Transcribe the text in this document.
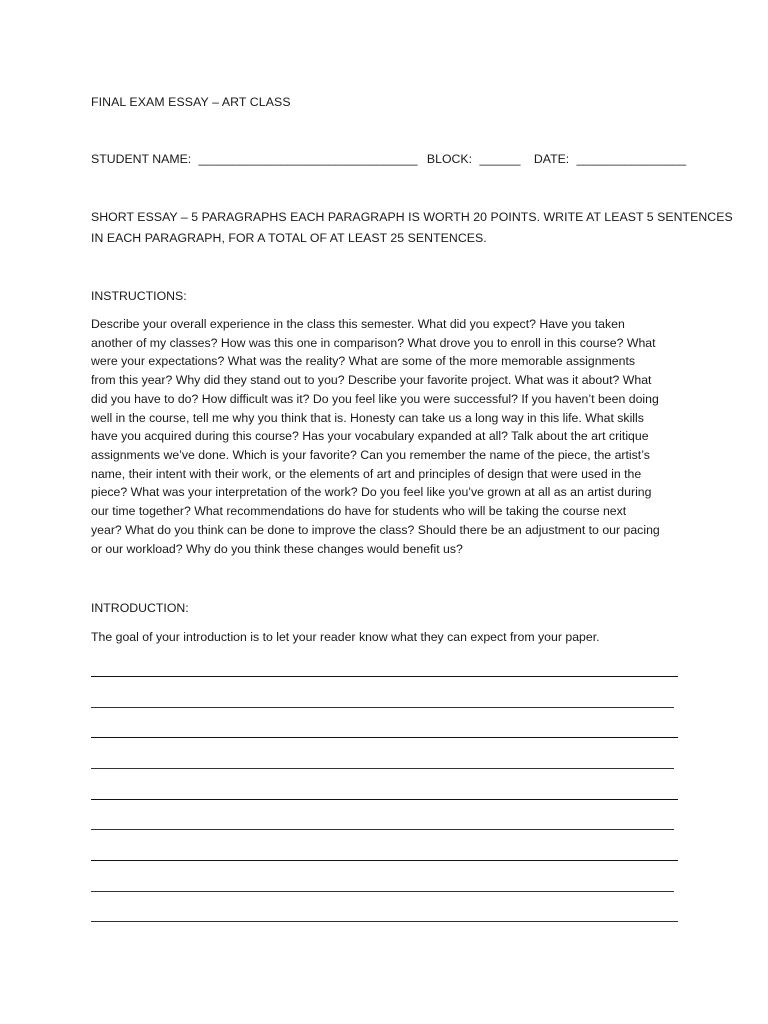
FINAL EXAM ESSAY – ART CLASS
STUDENT NAME: ________________________________ BLOCK: ______ DATE: ________________
SHORT ESSAY – 5 PARAGRAPHS EACH PARAGRAPH IS WORTH 20 POINTS. WRITE AT LEAST 5 SENTENCES
IN EACH PARAGRAPH, FOR A TOTAL OF AT LEAST 25 SENTENCES.
INSTRUCTIONS:
Describe your overall experience in the class this semester. What did you expect? Have you taken
another of my classes? How was this one in comparison? What drove you to enroll in this course? What
were your expectations? What was the reality? What are some of the more memorable assignments
from this year? Why did they stand out to you? Describe your favorite project. What was it about? What
did you have to do? How difficult was it? Do you feel like you were successful? If you haven’t been doing
well in the course, tell me why you think that is. Honesty can take us a long way in this life. What skills
have you acquired during this course? Has your vocabulary expanded at all? Talk about the art critique
assignments we’ve done. Which is your favorite? Can you remember the name of the piece, the artist’s
name, their intent with their work, or the elements of art and principles of design that were used in the
piece? What was your interpretation of the work? Do you feel like you’ve grown at all as an artist during
our time together? What recommendations do have for students who will be taking the course next
year? What do you think can be done to improve the class? Should there be an adjustment to our pacing
or our workload? Why do you think these changes would benefit us?
INTRODUCTION:
The goal of your introduction is to let your reader know what they can expect from your paper.
